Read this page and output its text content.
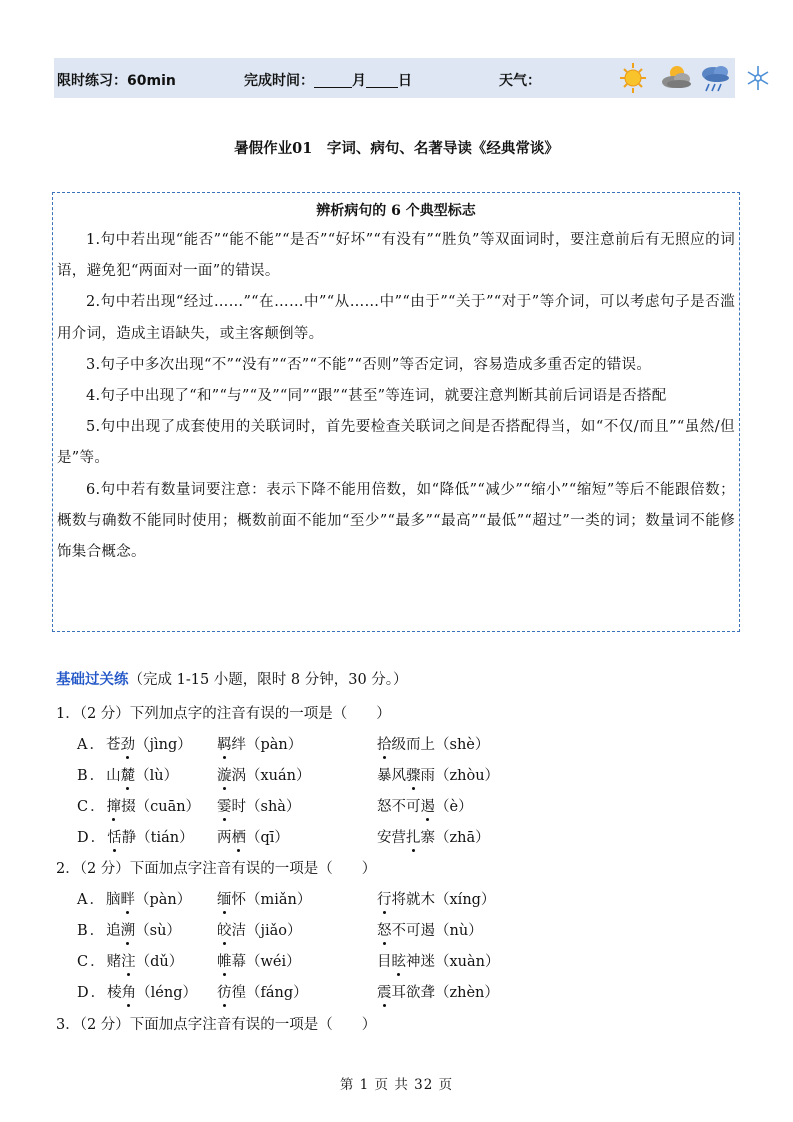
限时练习：60min	完成时间：	月 日	天气：
暑假作业01　字词、病句、名著导读《经典常谈》
辨析病句的 6 个典型标志

1.句中若出现“能否”“能不能”“是否”“好坏”“有没有”“胜负”等双面词时，要注意前后有无照应的词语，避免犯“两面对一面”的错误。

2.句中若出现“经过……”“在……中”“从……中”“由于”“关于”“对于”等介词，可以考虑句子是否滥用介词，造成主语缺失，或主客颠倒等。

3.句子中多次出现“不”“没有”“否”“不能”“否则”等否定词，容易造成多重否定的错误。

4.句子中出现了“和”“与”“及”“同”“跟”“甚至”等连词，就要注意判断其前后词语是否搭配

5.句中出现了成套使用的关联词时，首先要检查关联词之间是否搭配得当，如“不仅/而且”“虽然/但是”等。

6.句中若有数量词要注意：表示下降不能用倍数，如“降低”“减少”“缩小”“缩短”等后不能跟倍数；概数与确数不能同时使用；概数前面不能加“至少”“最多”“最高”“最低”“超过”一类的词；数量词不能修饰集合概念。

基础过关练（完成 1-15 小题，限时 8 分钟，30 分。）
1．（2 分）下列加点字的注音有误的一项是（　　）
A．苍劲（jìng） 羁绊（pàn）	拾级而上（shè）
B．山麓（lù）	漩涡（xuán）	暴风骤雨（zhòu）
C．撺掇（cuān） 霎时（shà）	怒不可遏（è）
D．恬静（tián） 两栖（qī）	安营扎寨（zhā）
2．（2 分）下面加点字注音有误的一项是（　　）
A．脑畔（pàn） 缅怀（miǎn）	行将就木（xíng）
B．追溯（sù） 皎洁（jiǎo）	怒不可遏（nù）
C．赌注（dǔ） 帷幕（wéi）	目眩神迷（xuàn）
D．棱角（léng） 彷徨（fáng）	震耳欲聋（zhèn）
3．（2 分）下面加点字注音有误的一项是（　　）
第 1 页 共 32 页
